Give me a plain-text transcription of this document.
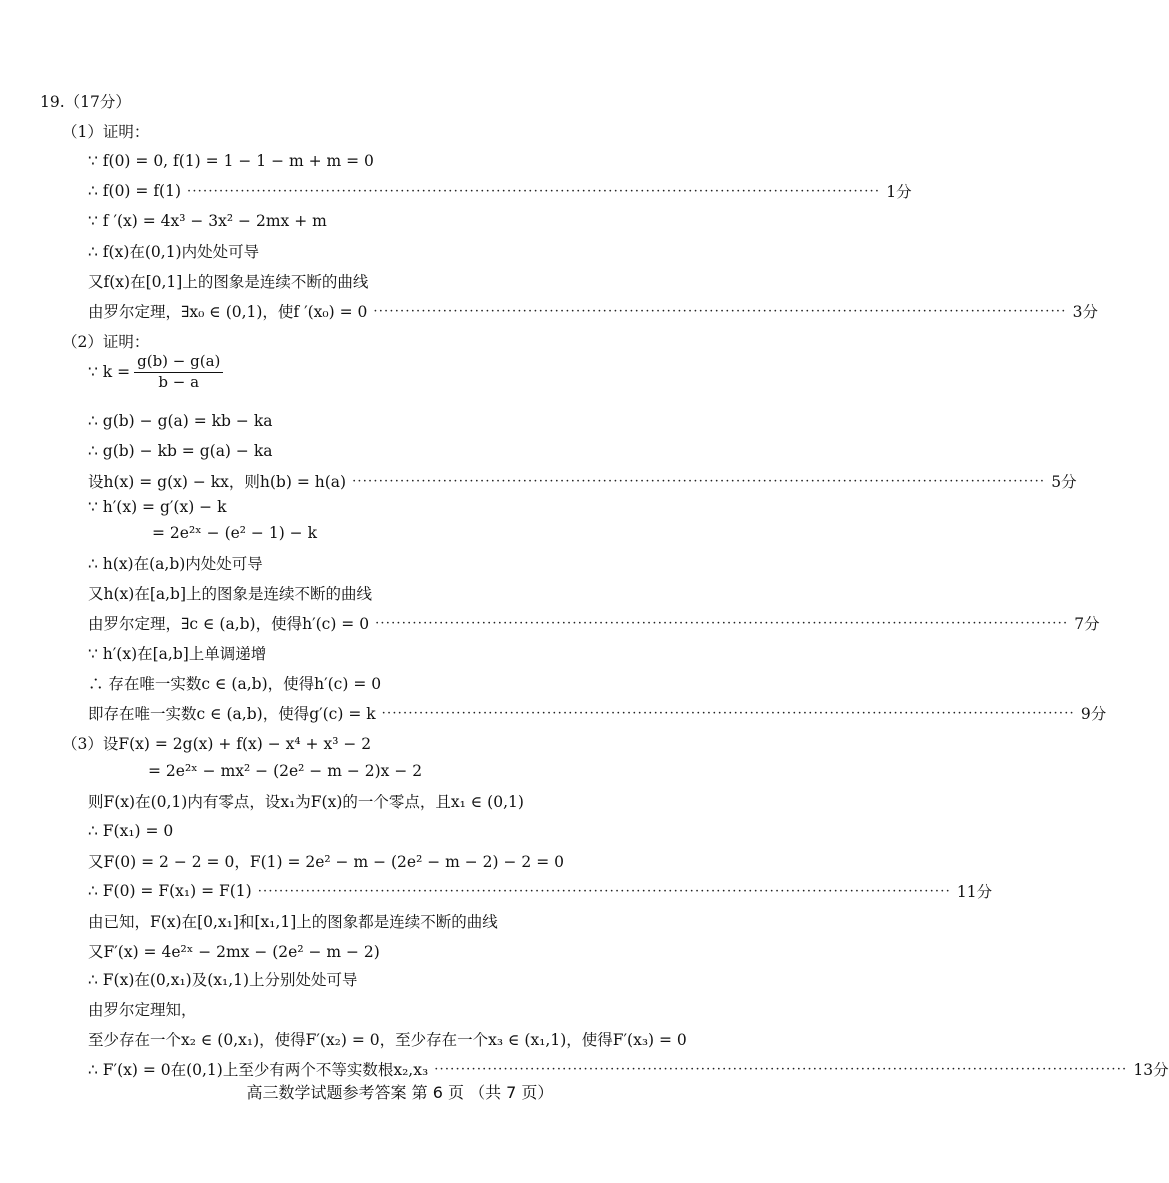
∵ $k = \frac{g(b) - g(a)}{b - a}$
19.（17分）
（1）证明：
∵ f(0) = 0, f(1) = 1 − 1 − m + m = 0
∴ f(0) = f(1) ·································································································································· 1分
∵ f ′(x) = 4x³ − 3x² − 2mx + m
∴ f(x)在(0,1)内处处可导
又f(x)在[0,1]上的图象是连续不断的曲线
由罗尔定理，∃x₀ ∈ (0,1)，使f ′(x₀) = 0 ·································································································································· 3分
（2）证明：
∴ g(b) − g(a) = kb − ka
∴ g(b) − kb = g(a) − ka
设h(x) = g(x) − kx，则h(b) = h(a) ·································································································································· 5分
∵ h′(x) = g′(x) − k
= 2e²ˣ − (e² − 1) − k
∴ h(x)在(a,b)内处处可导
又h(x)在[a,b]上的图象是连续不断的曲线
由罗尔定理，∃c ∈ (a,b)，使得h′(c) = 0 ·································································································································· 7分
∵ h′(x)在[a,b]上单调递增
∴ 存在唯一实数c ∈ (a,b)，使得h′(c) = 0
即存在唯一实数c ∈ (a,b)，使得g′(c) = k ·································································································································· 9分
（3）设F(x) = 2g(x) + f(x) − x⁴ + x³ − 2
= 2e²ˣ − mx² − (2e² − m − 2)x − 2
则F(x)在(0,1)内有零点，设x₁为F(x)的一个零点，且x₁ ∈ (0,1)
∴ F(x₁) = 0
又F(0) = 2 − 2 = 0，F(1) = 2e² − m − (2e² − m − 2) − 2 = 0
∴ F(0) = F(x₁) = F(1) ·································································································································· 11分
由已知，F(x)在[0,x₁]和[x₁,1]上的图象都是连续不断的曲线
又F′(x) = 4e²ˣ − 2mx − (2e² − m − 2)
∴ F(x)在(0,x₁)及(x₁,1)上分别处处可导
由罗尔定理知，
至少存在一个x₂ ∈ (0,x₁)，使得F′(x₂) = 0，至少存在一个x₃ ∈ (x₁,1)，使得F′(x₃) = 0
∴ F′(x) = 0在(0,1)上至少有两个不等实数根x₂,x₃ ·································································································································· 13分
高三数学试题参考答案 第 6 页 （共 7 页）
